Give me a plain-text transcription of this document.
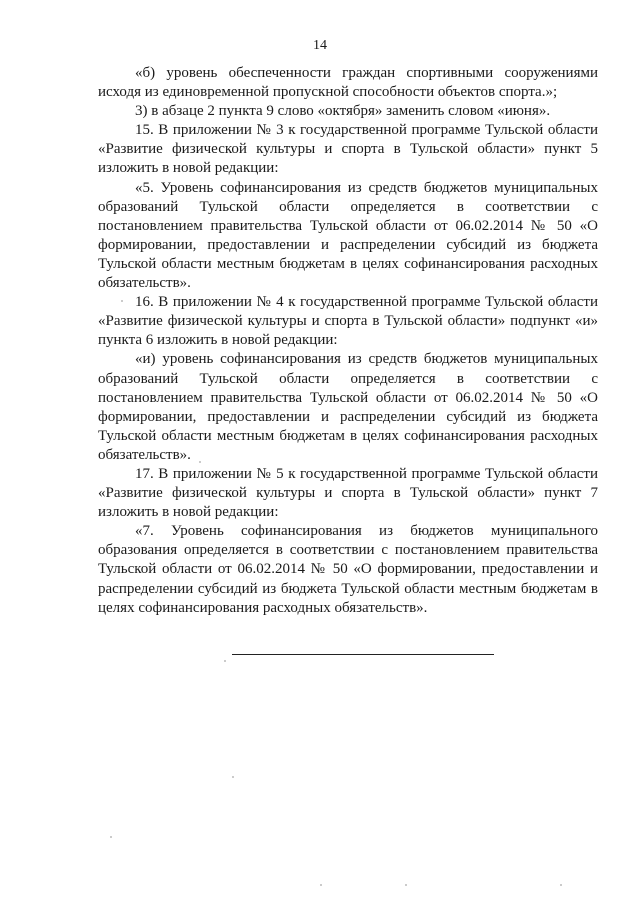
14

«б) уровень обеспеченности граждан спортивными сооружениями исходя из единовременной пропускной способности объектов спорта.»;

3) в абзаце 2 пункта 9 слово «октября» заменить словом «июня».

15. В приложении № 3 к государственной программе Тульской области «Развитие физической культуры и спорта в Тульской области» пункт 5 изложить в новой редакции:

«5. Уровень софинансирования из средств бюджетов муниципальных образований Тульской области определяется в соответствии с постановлением правительства Тульской области от 06.02.2014 № 50 «О формировании, предоставлении и распределении субсидий из бюджета Тульской области местным бюджетам в целях софинансирования расходных обязательств».

16. В приложении № 4 к государственной программе Тульской области «Развитие физической культуры и спорта в Тульской области» подпункт «и» пункта 6 изложить в новой редакции:

«и) уровень софинансирования из средств бюджетов муниципальных образований Тульской области определяется в соответствии с постановлением правительства Тульской области от 06.02.2014 № 50 «О формировании, предоставлении и распределении субсидий из бюджета Тульской области местным бюджетам в целях софинансирования расходных обязательств».

17. В приложении № 5 к государственной программе Тульской области «Развитие физической культуры и спорта в Тульской области» пункт 7 изложить в новой редакции:

«7. Уровень софинансирования из бюджетов муниципального образования определяется в соответствии с постановлением правительства Тульской области от 06.02.2014 № 50 «О формировании, предоставлении и распределении субсидий из бюджета Тульской области местным бюджетам в целях софинансирования расходных обязательств».
